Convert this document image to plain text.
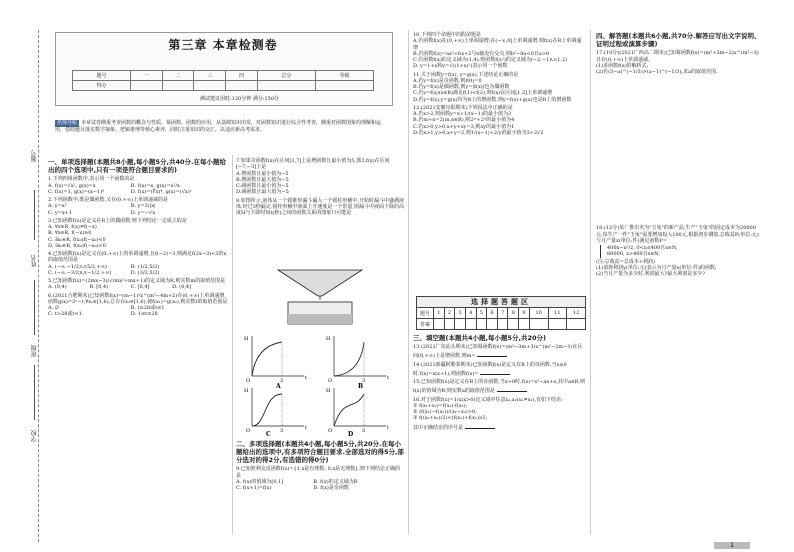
题号
姓名
班级
学校
第三章 本章检测卷
题号	一	二	三	四	总分	等级
得分						
测试建议用时:120分钟 满分:150分
名师导航 本章试卷侧重考查函数的概念与性质、幂函数、函数的应用，从基础知识出发，对函数知识进行综合性考查，侧重对函数图象的理解和运用，借助题目落实数学抽象、逻辑推理等核心素养，同时注重知识的交汇，以适应新高考需求。
一、单项选择题(本题共8小题,每小题5分,共40分.在每小题给出的四个选项中,只有一项是符合题目要求的)
1.下列四组函数中,表示同一个函数的是
A. f(x)=√x², g(x)=x	B. f(x)=x, g(x)=x²/x
C. f(x)=1, g(x)=(x−1)⁰	D. f(x)=(∜x)⁴, g(x)=(√x)²
2.下列函数中,既是偶函数,又在(0,+∞)上单调递减的是
A. y=x²	B. y=3/|x|
C. y=x+1	D. y=−√x
3.已知函数f(x)是定义在R上的偶函数,则下列结论一定成立的是
A. ∀x∈R, f(x)≠f(−x)
B. ∀x∈R, f(−x)≥0
C. ∃x₀∈R, f(x₀)f(−x₀)<0
D. ∃x₀∈R, f(x₀)f(−x₀)<0
4.已知函数f(x)是定义在[0,+∞)上的单调递增,且f(−2)=3,则满足f(2x−3)<3的x的取值范围是
A. (−∞,−1/2)∪(5/2,+∞)	B. (1/2,5/2)
C. (−∞,−3/2)∪(−1/2,+∞)	D. (3/2,5/2)
5.已知函数f(x)=(2mx−3)/√(mx²+mx+1)的定义域为R,则实数m的取值范围是
A. (0,4)	B. [0,4)	C. [0,4]	D. (0,4]
6.(2021合肥期末)已知函数f(x)=(m−1)²x^(m²−4m+2)在(0,+∞)上单调递增,函数g(x)=2ˣ−t,∀x₁∈[1,6),总存在x₂∈[1,6),使f(x₁)=g(x₂),则实数t的取值范围是
A. ∅	B. t≥28或t≤1
C. t>28或t<1	D. 1≤t≤28
7.如果奇函数f(x)在区间[3,7]上是增函数且最小值为5,那么f(x)在区间[−7,−3]上是
A.增函数且最小值为−5
B.增函数且最大值为−5
C.减函数且最小值为−5
D.减函数且最大值为−5
8.如图所示,液体从一个圆锥形漏斗漏入一个圆柱形桶中,开始时漏斗中盛满液体,经过3秒漏完,圆柱形桶中液面上升速度是一个常量,则漏斗中液面下降的高度H与下降时间t(秒)之间的函数关系的图象只可能是
H
t
O	3
A
H
t
O	3
B
H
t
O	3
C
H
t
O	3
D
二、多项选择题(本题共4小题,每小题5分,共20分.在每小题给出的选项中,有多项符合题目要求.全部选对的得5分,部分选对的得2分,有选错的得0分)
9.已知狄利克雷函数f(x)={1,x是有理数; 0,x是无理数},则下列结论正确的是
A. f(x)的值域为[0,1]	B. f(x)的定义域为R
C. f(x+1)=f(x)	D. f(x)是奇函数
10.下列四个命题中的假命题是
A.若函数f(x)在(0,+∞)上单调递增,在(−∞,0]上单调递增,则f(x)在R上单调递增
B.若函数f(x)=ax²+bx+2与x轴没有交点,则b²−8a<0且a>0
C.若函数f(x)的定义域为(1,4),则函数f(x²)的定义域为(−2,−1)∪(1,2)
D. y=1+x和y=√((1+x)²)表示同一个函数
11.关于函数y=f(x), y=g(x),下述结论正确的是
A.若y=f(x)是奇函数,则f(0)=0
B.若y=f(x)是偶函数,则y=|f(x)|也为偶函数
C.若y=f(x)(x∈R)满足f(1)<f(2),则f(x)在区间[1,2]上单调递增
D.若y=f(x),y=g(x)均为R上的增函数,则y=f(x)+g(x)也是R上的增函数
12.(2021安徽阜阳期末)下列说法中正确的是
A.若x>2,则函数y=x+1/(x−1)的最小值为3
B.若m+n=2(m,n∈R),则2ᵐ+2ⁿ的最小值为4
C.若x>0,y>0,x+y+xy=3,则xy的最小值为1
D.若x>1,y>0,x+y=2,则1/(x−1)+2/y的最小值为3+2√2
选择题答题区
题号	1	2	3	4	5	6	7	8	9	10	11	12
答案												
三、填空题(本题共4小题,每小题5分,共20分)
13.(2021广东汕头期末)已知幂函数f(x)=(m²−3m+3)x^(m²−2m−1)在区间(0,+∞)上是增函数,则m=
14.(2021新疆阿勒泰期末)已知函数f(x)是定义在R上的奇函数,当x≥0时,f(x)=x(x+1),则函数f(x)=
15.已知函数f(x)是定义在R上的奇函数,当x>0时,f(x)=x²−ax+a,其中a∈R,则f(x)的值域为R,则实数a的取值范围是
16.对于函数f(x)=1/x(x>0)定义域中任意x₁,x₂(x₁≠x₂),有如下结论:
① f(x₁+x₂)=f(x₁)·f(x₂);
② (f(x₁)−f(x₂))/(x₁−x₂)>0;
③ f((x₁+x₂)/2)<(f(x₁)+f(x₂))/2;
其中正确结论的序号是
四、解答题(本题共6小题,共70分.解答应写出文字说明、证明过程或演算步骤)
17.(10分)(2021广西高二期末)已知幂函数f(x)=(m²+2m−2)x^(m²−3)且在(0,+∞)上单调递减。
(1)求函数f(x)的解析式;
(2)若(3−a)^(−1/3)>(a−1)^(−1/3),求a的取值范围.
18.(12分)某厂推出名为"玉兔"的新产品,生产"玉兔"的固定成本为20000元,每生产一件"玉兔"需要增加投入100元,根据初步测算,总收益P(单位:元)与月产量x(单位:件)满足函数P=
400x−x²/2, 0<x≤400且x∈N,
80000, x>400且x∈N,
(注:总收益=总成本+利润)
(1)请将利润y(单位:元)表示为月产量x(单位:件)的函数;
(2)当月产量为多少时,利润最大?最大利润是多少?
1
